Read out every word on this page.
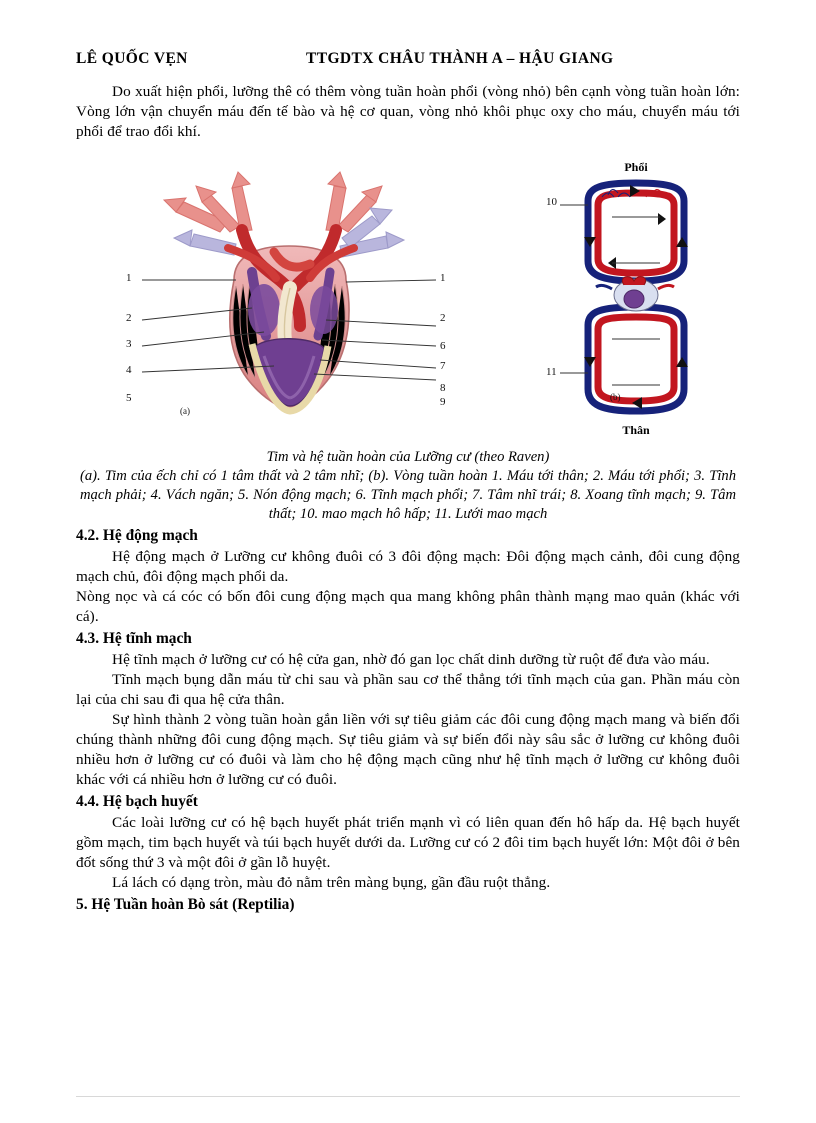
LÊ QUỐC VẸN	TTGDTX CHÂU THÀNH A – HẬU GIANG

Do xuất hiện phổi, lưỡng thê có thêm vòng tuần hoàn phổi (vòng nhỏ) bên cạnh vòng tuần hoàn lớn: Vòng lớn vận chuyển máu đến tế bào và hệ cơ quan, vòng nhỏ khôi phục oxy cho máu, chuyển máu tới phổi để trao đổi khí.

1
2
3
4
5
1
2
6
7
8
9
(a)
Phổi
Thân
10
11
(b)
Tim và hệ tuần hoàn của Lưỡng cư (theo Raven)
(a). Tim của ếch chỉ có 1 tâm thất và 2 tâm nhĩ; (b). Vòng tuần hoàn 1. Máu tới thân; 2. Máu tới phổi; 3. Tĩnh mạch phải; 4. Vách ngăn; 5. Nón động mạch; 6. Tĩnh mạch phổi; 7. Tâm nhĩ trái; 8. Xoang tĩnh mạch; 9. Tâm thất; 10. mao mạch hô hấp; 11. Lưới mao mạch
4.2. Hệ động mạch

Hệ động mạch ở Lưỡng cư không đuôi có 3 đôi động mạch: Đôi động mạch cảnh, đôi cung động mạch chủ, đôi động mạch phổi da.

Nòng nọc và cá cóc có bốn đôi cung động mạch qua mang không phân thành mạng mao quản (khác với cá).

4.3. Hệ tĩnh mạch

Hệ tĩnh mạch ở lưỡng cư có hệ cửa gan, nhờ đó gan lọc chất dinh dưỡng từ ruột để đưa vào máu.

Tĩnh mạch bụng dẫn máu từ chi sau và phần sau cơ thể thẳng tới tĩnh mạch của gan. Phần máu còn lại của chi sau đi qua hệ cửa thân.

Sự hình thành 2 vòng tuần hoàn gắn liền với sự tiêu giảm các đôi cung động mạch mang và biến đổi chúng thành những đôi cung động mạch. Sự tiêu giảm và sự biến đổi này sâu sắc ở lưỡng cư không đuôi nhiều hơn ở lưỡng cư có đuôi và làm cho hệ động mạch cũng như hệ tĩnh mạch ở lưỡng cư không đuôi khác với cá nhiều hơn ở lưỡng cư có đuôi.

4.4. Hệ bạch huyết

Các loài lưỡng cư có hệ bạch huyết phát triển mạnh vì có liên quan đến hô hấp da. Hệ bạch huyết gồm mạch, tim bạch huyết và túi bạch huyết dưới da. Lưỡng cư có 2 đôi tim bạch huyết lớn: Một đôi ở bên đốt sống thứ 3 và một đôi ở gần lỗ huyệt.

Lá lách có dạng tròn, màu đỏ nằm trên màng bụng, gần đầu ruột thẳng.

5. Hệ Tuần hoàn Bò sát (Reptilia)
